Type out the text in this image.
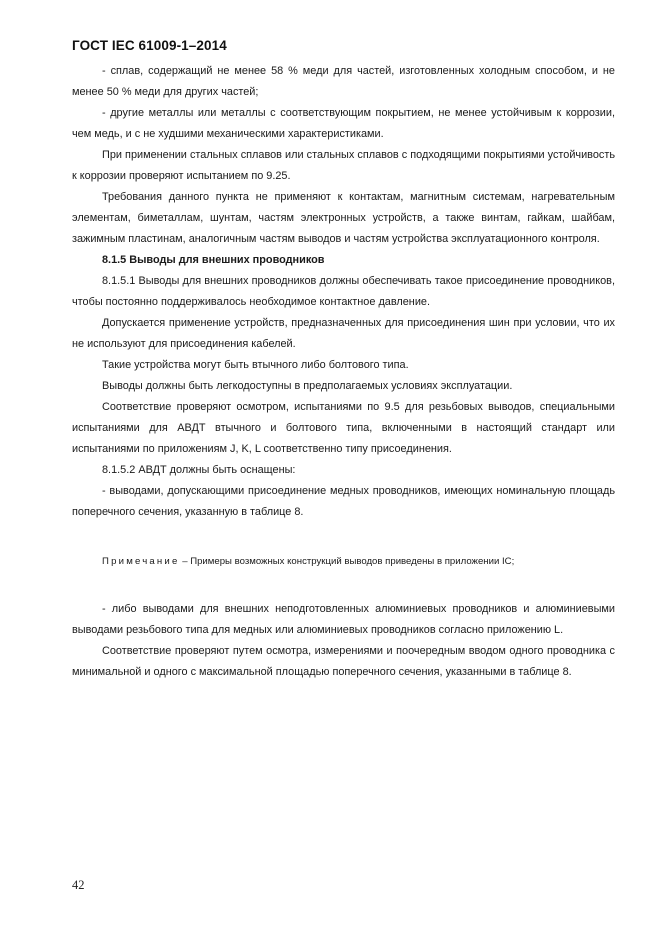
ГОСТ IEC 61009-1–2014

- сплав, содержащий не менее 58 % меди для частей, изготовленных холодным способом, и не менее 50 % меди для других частей;

- другие металлы или металлы с соответствующим покрытием, не менее устойчивым к коррозии, чем медь, и с не худшими механическими характеристиками.

При применении стальных сплавов или стальных сплавов с подходящими покрытиями устойчивость к коррозии проверяют испытанием по 9.25.

Требования данного пункта не применяют к контактам, магнитным системам, нагревательным элементам, биметаллам, шунтам, частям электронных устройств, а также винтам, гайкам, шайбам, зажимным пластинам, аналогичным частям выводов и частям устройства эксплуатационного контроля.

8.1.5 Выводы для внешних проводников

8.1.5.1 Выводы для внешних проводников должны обеспечивать такое присоединение проводников, чтобы постоянно поддерживалось необходимое контактное давление.

Допускается применение устройств, предназначенных для присоединения шин при условии, что их не используют для присоединения кабелей.

Такие устройства могут быть втычного либо болтового типа.

Выводы должны быть легкодоступны в предполагаемых условиях эксплуатации.

Соответствие проверяют осмотром, испытаниями по 9.5 для резьбовых выводов, специальными испытаниями для АВДТ втычного и болтового типа, включенными в настоящий стандарт или испытаниями по приложениям J, K, L соответственно типу присоединения.

8.1.5.2 АВДТ должны быть оснащены:

- выводами, допускающими присоединение медных проводников, имеющих номинальную площадь поперечного сечения, указанную в таблице 8.

Примечание – Примеры возможных конструкций выводов приведены в приложении IC;

- либо выводами для внешних неподготовленных алюминиевых проводников и алюминиевыми выводами резьбового типа для медных или алюминиевых проводников согласно приложению L.

Соответствие проверяют путем осмотра, измерениями и поочередным вводом одного проводника с минимальной и одного с максимальной площадью поперечного сечения, указанными в таблице 8.

42
